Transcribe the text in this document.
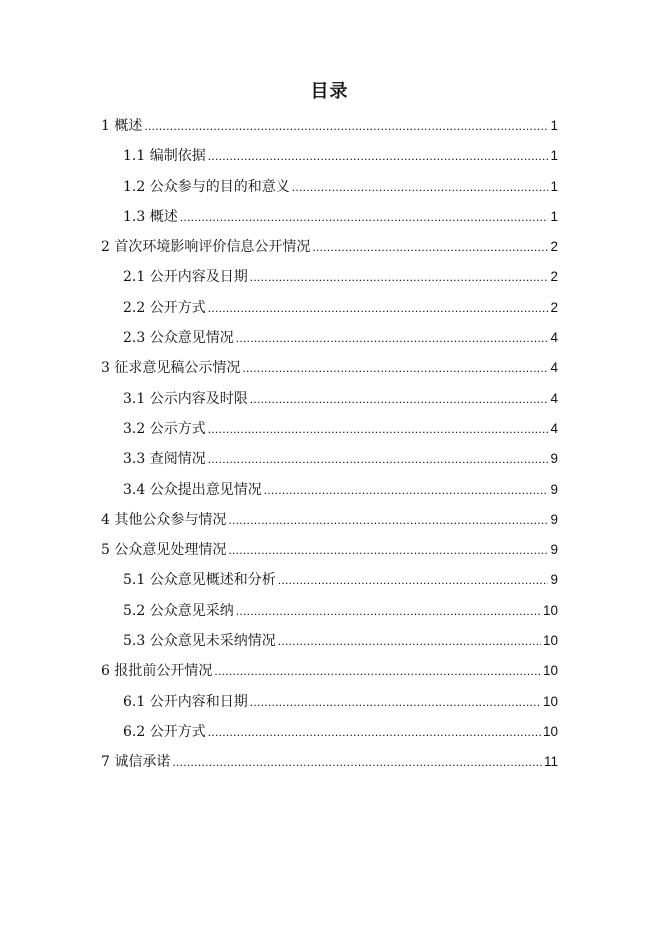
目录
1 概述 .....	1
1.1 编制依据 .....	1
1.2 公众参与的目的和意义 .....	1
1.3 概述 .....	1
2 首次环境影响评价信息公开情况 .....	2
2.1 公开内容及日期 .....	2
2.2 公开方式 .....	2
2.3 公众意见情况 .....	4
3 征求意见稿公示情况 .....	4
3.1 公示内容及时限 .....	4
3.2 公示方式 .....	4
3.3 查阅情况 .....	9
3.4 公众提出意见情况 .....	9
4 其他公众参与情况 .....	9
5 公众意见处理情况 .....	9
5.1 公众意见概述和分析 .....	9
5.2 公众意见采纳 .....	10
5.3 公众意见未采纳情况 .....	10
6 报批前公开情况 .....	10
6.1 公开内容和日期 .....	10
6.2 公开方式 .....	10
7 诚信承诺 .....	11
